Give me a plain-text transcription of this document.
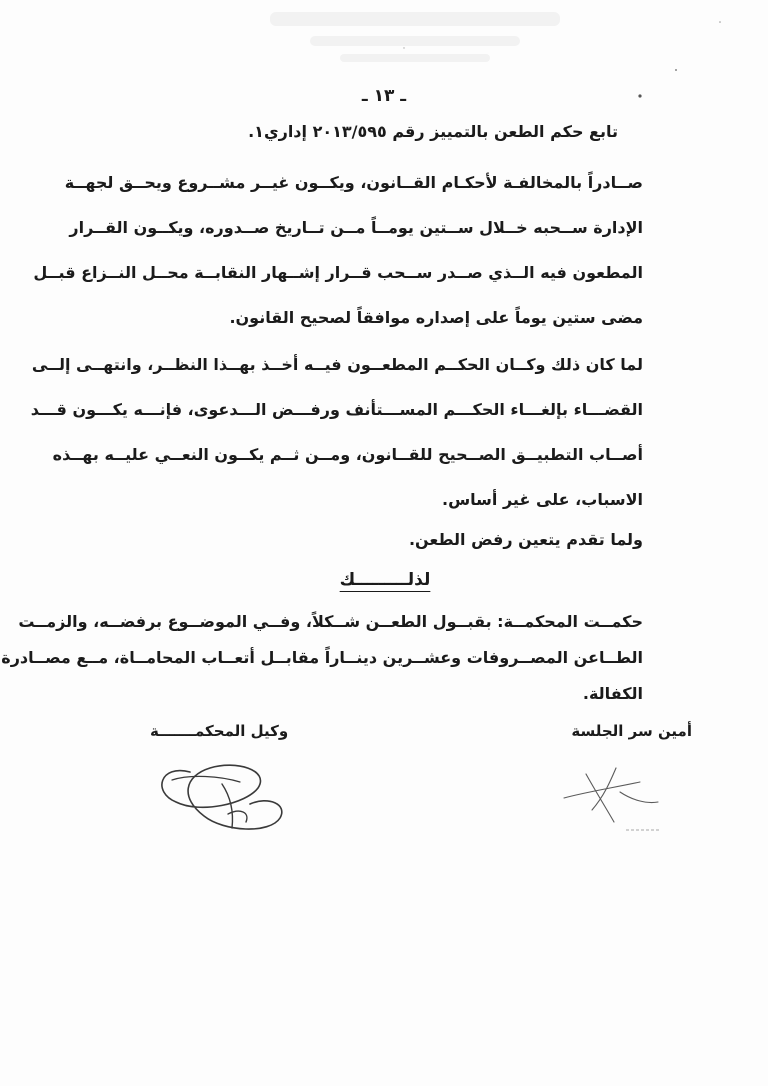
ـ ١٣ ـ
تابع حكم الطعن بالتمييز رقم ٢٠١٣/٥٩٥ إداري١.
صــادراً بالمخالفـة لأحكـام القــانون، ويكــون غيــر مشــروع ويحــق لجهــة
الإدارة ســحبه خــلال ســتين يومــاً مــن تــاريخ صــدوره، ويكــون القــرار
المطعون فيه الــذي صــدر ســحب قــرار إشــهار النقابــة محــل النــزاع قبــل
مضى ستين يوماً على إصداره موافقاً لصحيح القانون.
لما كان ذلك وكــان الحكــم المطعــون فيــه أخــذ بهــذا النظــر، وانتهــى إلــى
القضـــاء بإلغـــاء الحكـــم المســـتأنف ورفـــض الـــدعوى، فإنـــه يكـــون قـــد
أصــاب التطبيــق الصــحيح للقــانون، ومــن ثــم يكــون النعــي عليــه بهــذه
الاسباب، على غير أساس.
ولما تقدم يتعين رفض الطعن.
لذلـــــــــك
حكمــت المحكمــة: بقبــول الطعــن شــكلاً، وفــي الموضــوع برفضــه، والزمــت
الطــاعن المصــروفات وعشــرين دينــاراً مقابــل أتعــاب المحامــاة، مــع مصــادرة
الكفالة.
أمين سر الجلسة
وكيل المحكمـــــــة
